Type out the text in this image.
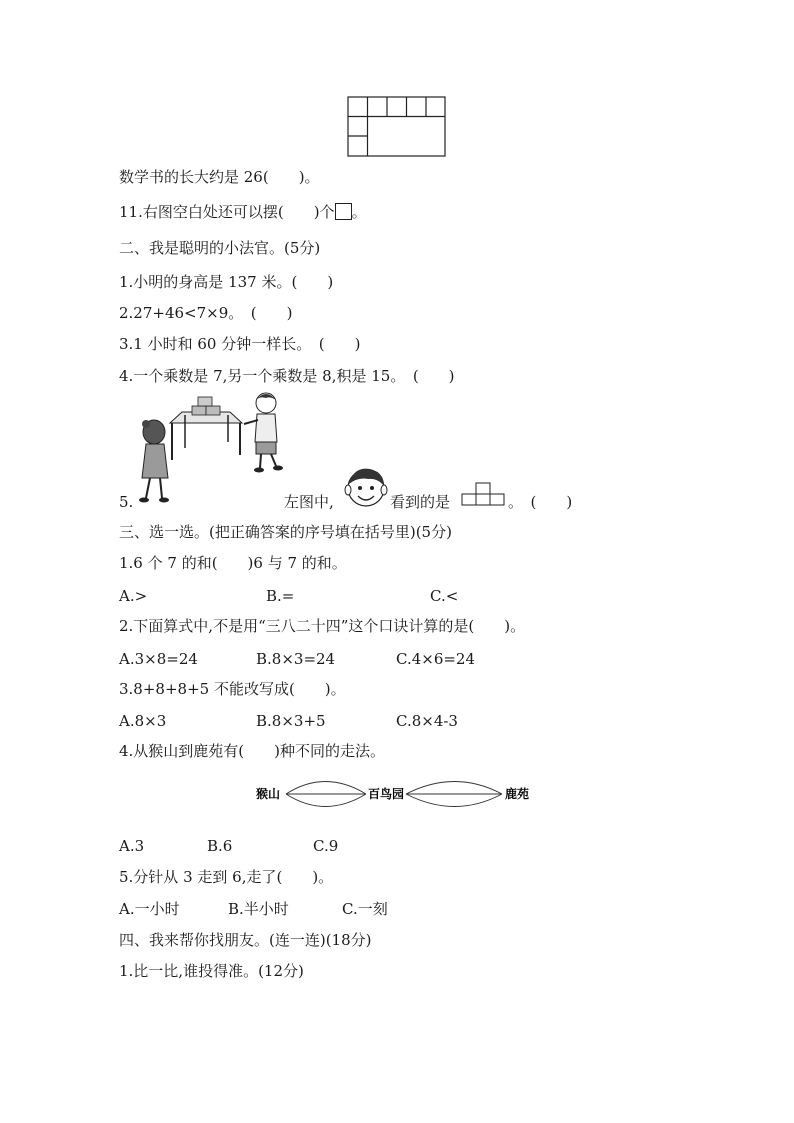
数学书的长大约是 26(　　)。
11.右图空白处还可以摆(　　)个 。
二、我是聪明的小法官。(5分)
1.小明的身高是 137 米。(　　)
2.27+46<7×9。　(　　)
3.1 小时和 60 分钟一样长。　(　　)
4.一个乘数是 7,另一个乘数是 8,积是 15。　(　　)
5.	左图中,	看到的是	。　(　　)
三、选一选。(把正确答案的序号填在括号里)(5分)
1.6 个 7 的和(　　)6 与 7 的和。
A.>	B.=	C.<
2.下面算式中,不是用“三八二十四”这个口诀计算的是(　　)。
A.3×8=24	B.8×3=24	C.4×6=24
3.8+8+8+5 不能改写成(　　)。
A.8×3	B.8×3+5	C.8×4-3
4.从猴山到鹿苑有(　　)种不同的走法。
猴山	百鸟园	鹿苑
A.3	B.6	C.9
5.分针从 3 走到 6,走了(　　)。
A.一小时	B.半小时	C.一刻
四、我来帮你找朋友。(连一连)(18分)
1.比一比,谁投得准。(12分)
